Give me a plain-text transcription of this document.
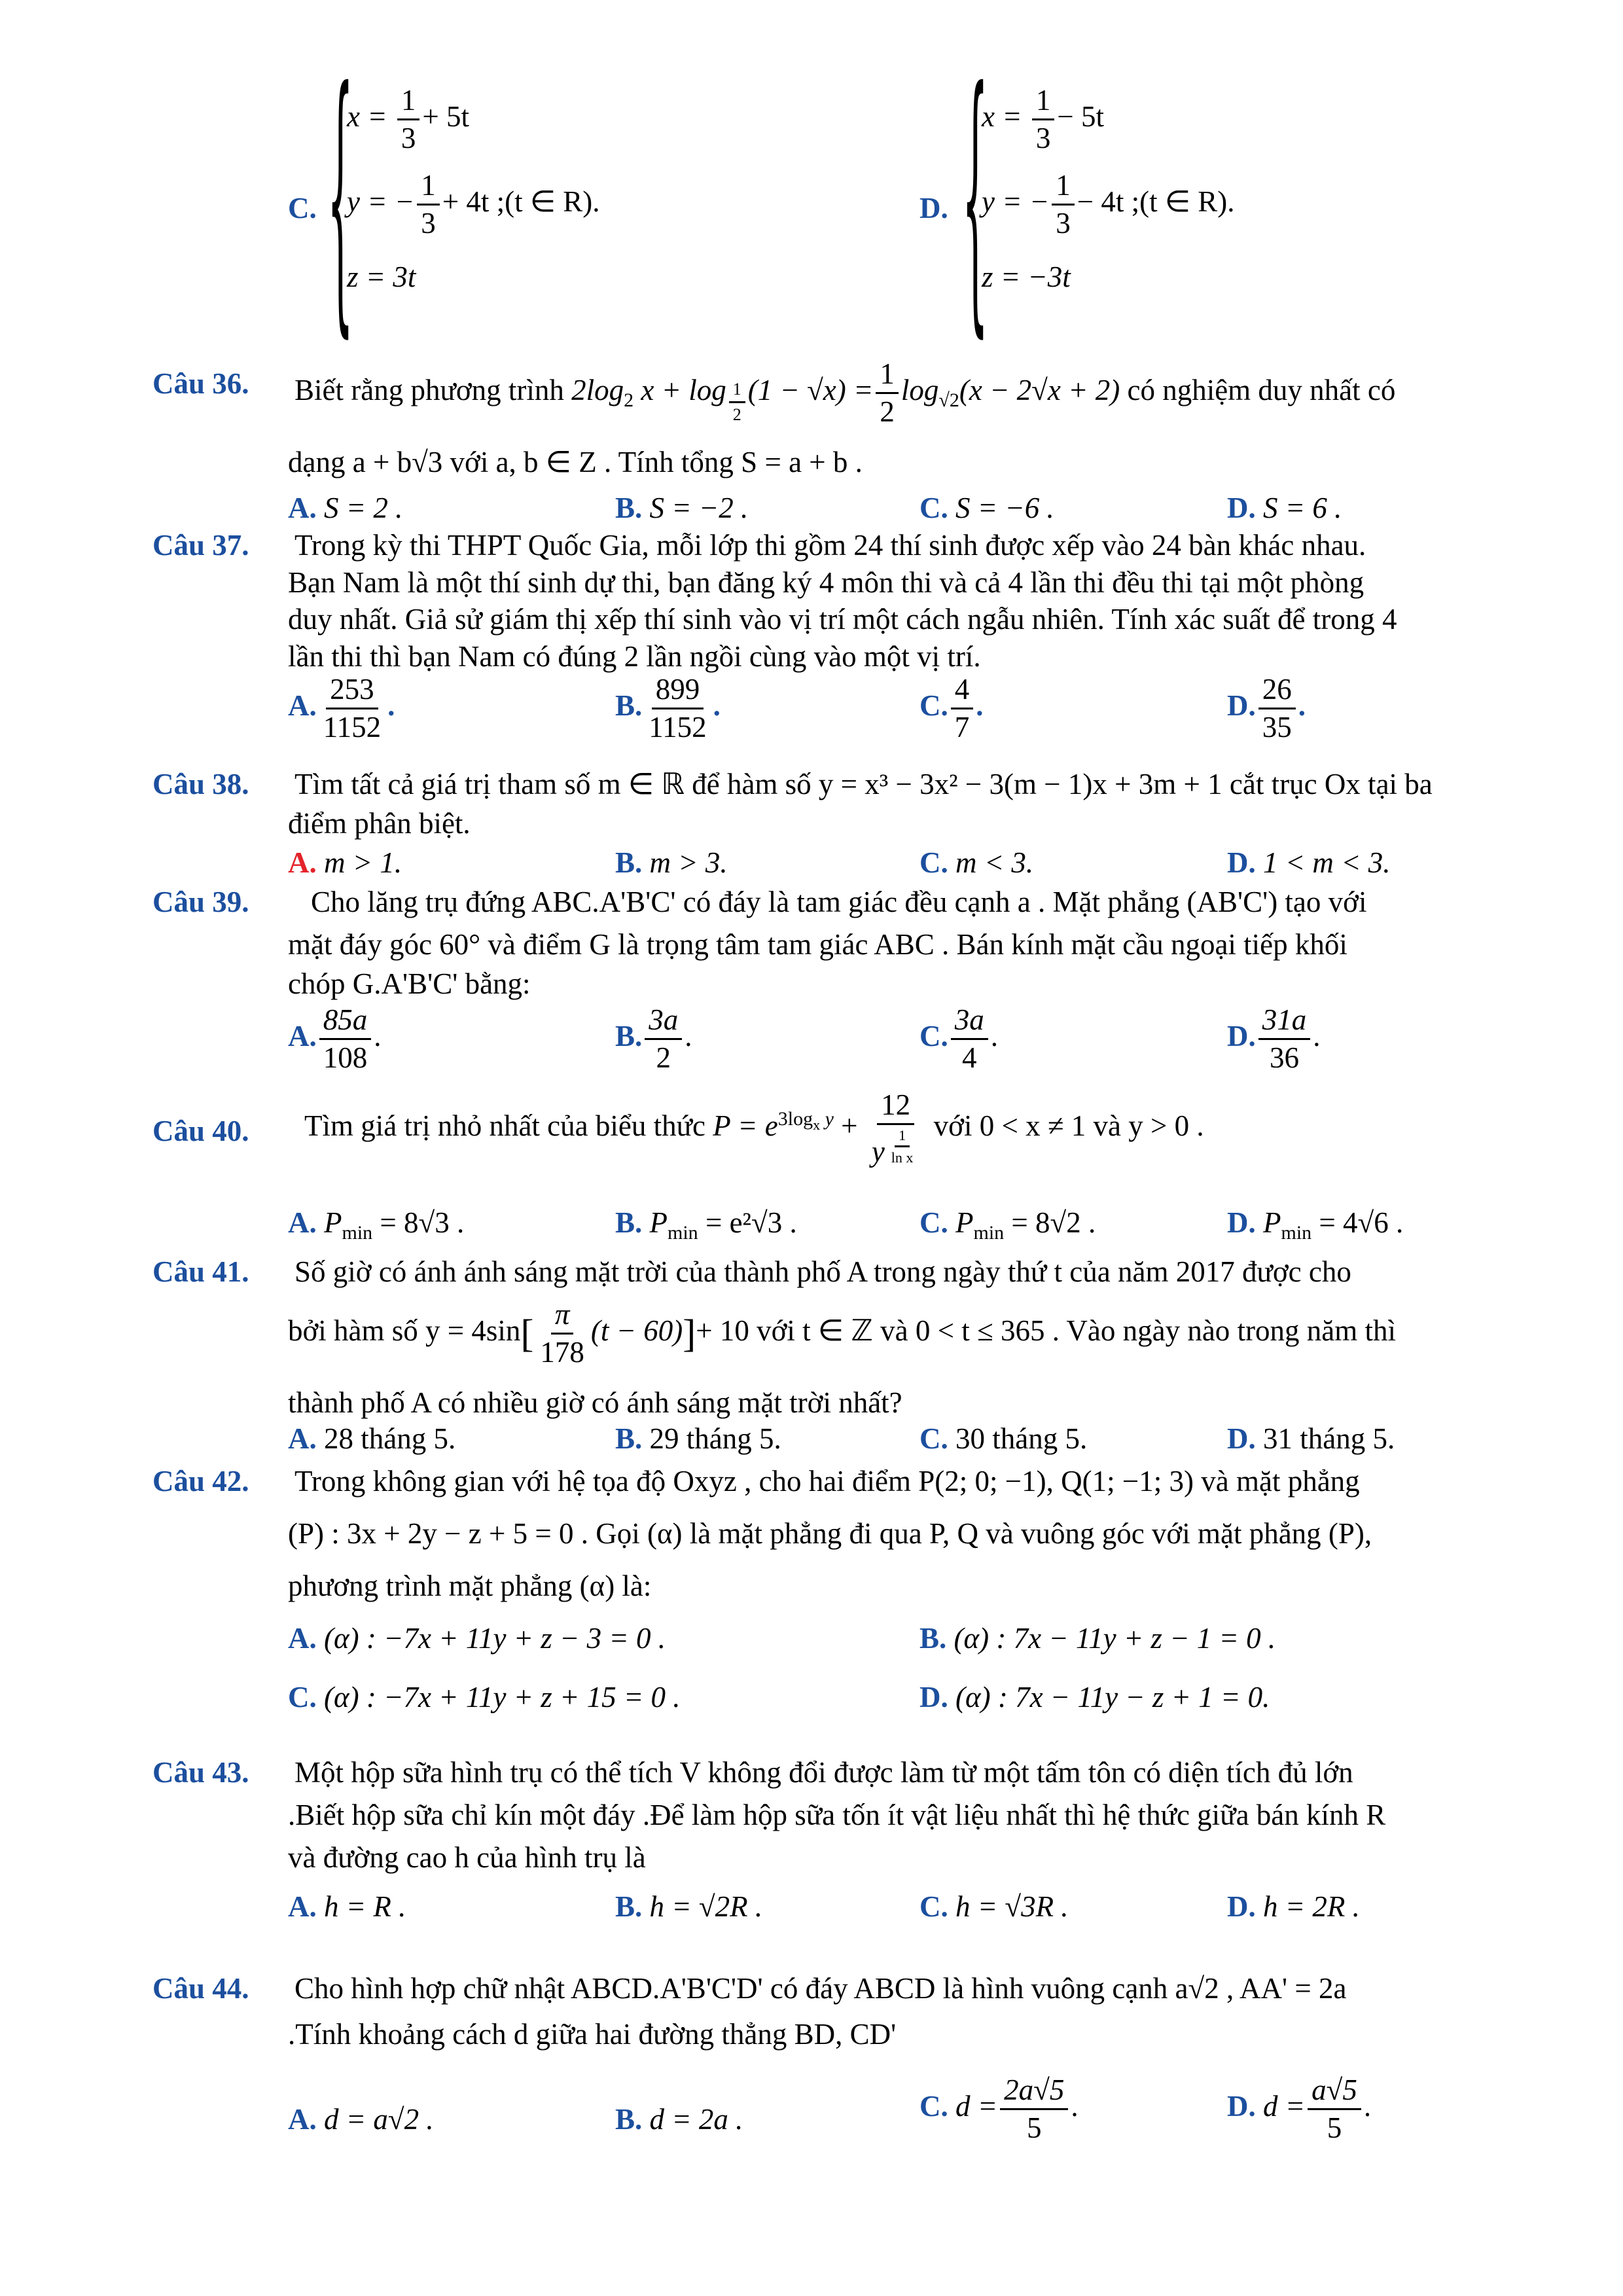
C. {
$x = \frac{1}{3} + 5t$
y = − $\frac{1}{3} + 4t$ ;(t ∈ R).
z = 3t
D. {
$x = \frac{1}{3} - 5t$
y = − $\frac{1}{3} - 4t$ ;(t ∈ R).
z = −3t
Câu 36. Biết rằng phương trình $2\log_2$ x + log $_{\frac{1}{2}}$ $(1 - √x) = \frac{1}{2} \log_{√2}(x - 2√x + 2)$ có nghiệm duy nhất có
dạng a + b√3 với a, b ∈ Z . Tính tổng S = a + b .
A. S = 2 .	B. S = −2 .	C. S = −6 .	D. S = 6 .
Câu 37. Trong kỳ thi THPT Quốc Gia, mỗi lớp thi gồm 24 thí sinh được xếp vào 24 bàn khác nhau.
Bạn Nam là một thí sinh dự thi, bạn đăng ký 4 môn thi và cả 4 lần thi đều thi tại một phòng
duy nhất. Giả sử giám thị xếp thí sinh vào vị trí một cách ngẫu nhiên. Tính xác suất để trong 4
lần thi thì bạn Nam có đúng 2 lần ngồi cùng vào một vị trí.
A. $\frac{253}{1152}$ .	B. $\frac{899}{1152}$ .	C. $\frac{4}{7}$ .	D. $\frac{26}{35}$ .
Câu 38. Tìm tất cả giá trị tham số m ∈ ℝ để hàm số y = x³ − 3x² − 3(m − 1)x + 3m + 1 cắt trục Ox tại ba
điểm phân biệt.
A. m > 1.	B. m > 3.	C. m < 3.	D. 1 < m < 3.
Câu 39. Cho lăng trụ đứng ABC.A'B'C' có đáy là tam giác đều cạnh a . Mặt phẳng (AB'C') tạo với
mặt đáy góc 60° và điểm G là trọng tâm tam giác ABC . Bán kính mặt cầu ngoại tiếp khối
chóp G.A'B'C' bằng:
A. $\frac{85a}{108}$ .	B. $\frac{3a}{2}$ .	C. $\frac{3a}{4}$ .	D. $\frac{31a}{36}$ .
Câu 40. Tìm giá trị nhỏ nhất của biểu thức $P = e^{3log_x y} + 12$
y $^{\frac{1}{\text{ln x}}}$ với 0 < x ≠ 1 và y > 0 .
A. $P_{min} = 8√3$ .	B. $P_{min} = e^2√3$ .	C. $P_{min} = 8√2$ .	D. $P_{min} = 4√6$ .
Câu 41. Số giờ có ánh ánh sáng mặt trời của thành phố A trong ngày thứ t của năm 2017 được cho
bởi hàm số $y = 4\sin[ \frac{\pi}{178} (t - 60)]+ 10$ với t ∈ ℤ và 0 < t ≤ 365 . Vào ngày nào trong năm thì
thành phố A có nhiều giờ có ánh sáng mặt trời nhất?
A. 28 tháng 5.	B. 29 tháng 5.	C. 30 tháng 5.	D. 31 tháng 5.
Câu 42. Trong không gian với hệ tọa độ Oxyz , cho hai điểm P(2; 0; −1), Q(1; −1; 3) và mặt phẳng
(P) : 3x + 2y − z + 5 = 0 . Gọi (α) là mặt phẳng đi qua P, Q và vuông góc với mặt phẳng (P),
phương trình mặt phẳng (α) là:
A. (α) : −7x + 11y + z − 3 = 0 .	B. (α) : 7x − 11y + z − 1 = 0 .
C. (α) : −7x + 11y + z + 15 = 0 .	D. (α) : 7x − 11y − z + 1 = 0.
Câu 43. Một hộp sữa hình trụ có thể tích V không đổi được làm từ một tấm tôn có diện tích đủ lớn
.Biết hộp sữa chỉ kín một đáy .Để làm hộp sữa tốn ít vật liệu nhất thì hệ thức giữa bán kính R
và đường cao h của hình trụ là
A. h = R .	B. h = √2R .	C. h = √3R .	D. h = 2R .
Câu 44. Cho hình hợp chữ nhật ABCD.A'B'C'D' có đáy ABCD là hình vuông cạnh a√2 , AA' = 2a
.Tính khoảng cách d giữa hai đường thẳng BD, CD'
A. d = a√2 .	B. d = 2a .	C. $d = \frac{2a√5}{5}$ .	D. $d = \frac{a√5}{5}$ .
